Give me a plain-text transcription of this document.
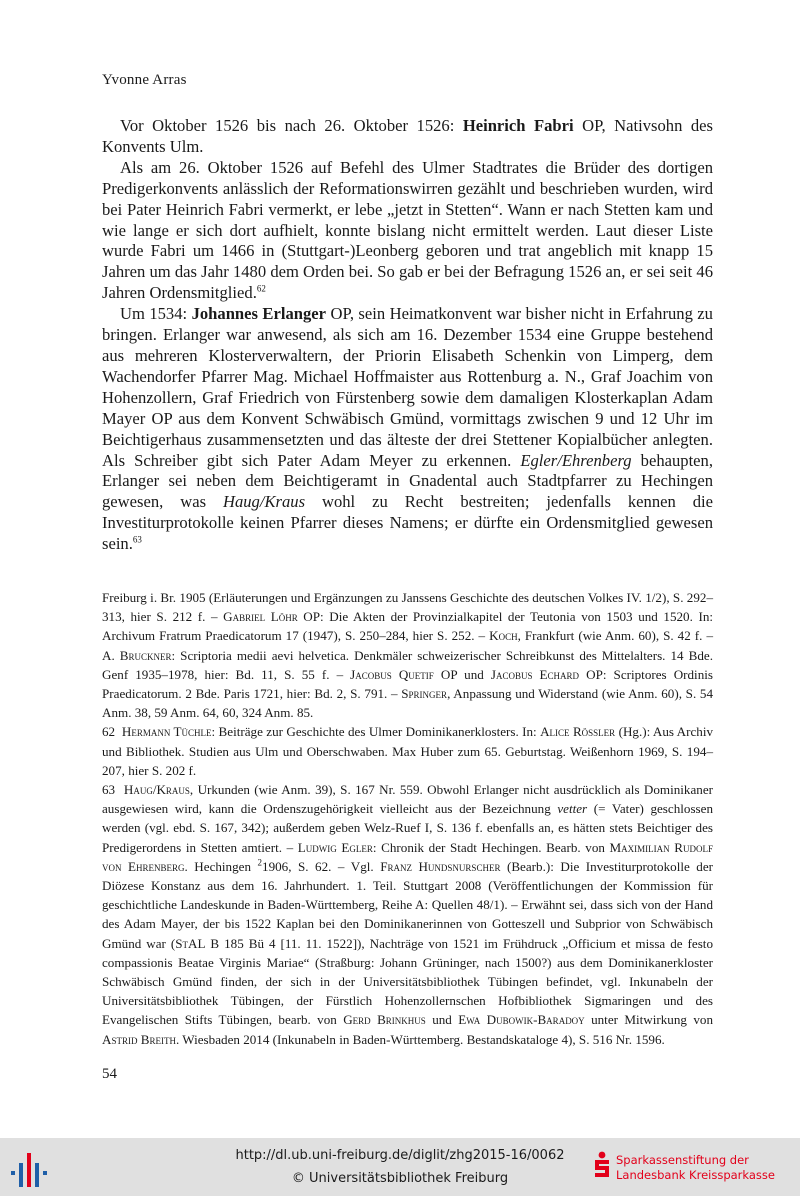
Yvonne Arras

Vor Oktober 1526 bis nach 26. Oktober 1526: Heinrich Fabri OP, Nativsohn des Konvents Ulm.

Als am 26. Oktober 1526 auf Befehl des Ulmer Stadtrates die Brüder des dortigen Predigerkonvents anlässlich der Reformationswirren gezählt und beschrieben wurden, wird bei Pater Heinrich Fabri vermerkt, er lebe „jetzt in Stetten“. Wann er nach Stetten kam und wie lange er sich dort aufhielt, konnte bislang nicht ermittelt werden. Laut dieser Liste wurde Fabri um 1466 in (Stuttgart-)Leonberg geboren und trat angeblich mit knapp 15 Jahren um das Jahr 1480 dem Orden bei. So gab er bei der Befragung 1526 an, er sei seit 46 Jahren Ordensmitglied.$^{62}$

Um 1534: Johannes Erlanger OP, sein Heimatkonvent war bisher nicht in Erfahrung zu bringen. Erlanger war anwesend, als sich am 16. Dezember 1534 eine Gruppe bestehend aus mehreren Klosterverwaltern, der Priorin Elisabeth Schenkin von Limperg, dem Wachendorfer Pfarrer Mag. Michael Hoffmaister aus Rottenburg a. N., Graf Joachim von Hohenzollern, Graf Friedrich von Fürstenberg sowie dem damaligen Klosterkaplan Adam Mayer OP aus dem Konvent Schwäbisch Gmünd, vormittags zwischen 9 und 12 Uhr im Beichtigerhaus zusammensetzten und das älteste der drei Stettener Kopialbücher anlegten. Als Schreiber gibt sich Pater Adam Meyer zu erkennen. Egler/Ehrenberg behaupten, Erlanger sei neben dem Beichtigeramt in Gnadental auch Stadtpfarrer zu Hechingen gewesen, was Haug/Kraus wohl zu Recht bestreiten; jedenfalls kennen die Investiturprotokolle keinen Pfarrer dieses Namens; er dürfte ein Ordensmitglied gewesen sein.$^{63}$

Freiburg i. Br. 1905 (Erläuterungen und Ergänzungen zu Janssens Geschichte des deutschen Volkes IV. 1/2), S. 292–313, hier S. 212 f. – Gabriel Löhr OP: Die Akten der Provinzialkapitel der Teutonia von 1503 und 1520. In: Archivum Fratrum Praedicatorum 17 (1947), S. 250–284, hier S. 252. – Koch, Frankfurt (wie Anm. 60), S. 42 f. – A. Bruckner: Scriptoria medii aevi helvetica. Denkmäler schweizerischer Schreibkunst des Mittelalters. 14 Bde. Genf 1935–1978, hier: Bd. 11, S. 55 f. – Jacobus Quetif OP und Jacobus Echard OP: Scriptores Ordinis Praedicatorum. 2 Bde. Paris 1721, hier: Bd. 2, S. 791. – Springer, Anpassung und Widerstand (wie Anm. 60), S. 54 Anm. 38, 59 Anm. 64, 60, 324 Anm. 85.

62 Hermann Tüchle: Beiträge zur Geschichte des Ulmer Dominikanerklosters. In: Alice Rössler (Hg.): Aus Archiv und Bibliothek. Studien aus Ulm und Oberschwaben. Max Huber zum 65. Geburtstag. Weißenhorn 1969, S. 194–207, hier S. 202 f.

63 Haug/Kraus, Urkunden (wie Anm. 39), S. 167 Nr. 559. Obwohl Erlanger nicht ausdrücklich als Dominikaner ausgewiesen wird, kann die Ordenszugehörigkeit vielleicht aus der Bezeichnung vetter (= Vater) geschlossen werden (vgl. ebd. S. 167, 342); außerdem geben Welz-Ruef I, S. 136 f. ebenfalls an, es hätten stets Beichtiger des Predigerordens in Stetten amtiert. – Ludwig Egler: Chronik der Stadt Hechingen. Bearb. von Maximilian Rudolf von Ehrenberg. Hechingen $^2$1906, S. 62. – Vgl. Franz Hundsnurscher (Bearb.): Die Investiturprotokolle der Diözese Konstanz aus dem 16. Jahrhundert. 1. Teil. Stuttgart 2008 (Veröffentlichungen der Kommission für geschichtliche Landeskunde in Baden-Württemberg, Reihe A: Quellen 48/1). – Erwähnt sei, dass sich von der Hand des Adam Mayer, der bis 1522 Kaplan bei den Dominikanerinnen von Gotteszell und Subprior von Schwäbisch Gmünd war (StAL B 185 Bü 4 [11. 11. 1522]), Nachträge von 1521 im Frühdruck „Officium et missa de festo compassionis Beatae Virginis Mariae“ (Straßburg: Johann Grüninger, nach 1500?) aus dem Dominikanerkloster Schwäbisch Gmünd finden, der sich in der Universitätsbibliothek Tübingen befindet, vgl. Inkunabeln der Universitätsbibliothek Tübingen, der Fürstlich Hohenzollernschen Hofbibliothek Sigmaringen und des Evangelischen Stifts Tübingen, bearb. von Gerd Brinkhus und Ewa Dubowik-Baradoy unter Mitwirkung von Astrid Breith. Wiesbaden 2014 (Inkunabeln in Baden-Württemberg. Bestandskataloge 4), S. 516 Nr. 1596.

54
http://dl.ub.uni-freiburg.de/diglit/zhg2015-16/0062
© Universitätsbibliothek Freiburg
Sparkassenstiftung der
Landesbank Kreissparkasse
